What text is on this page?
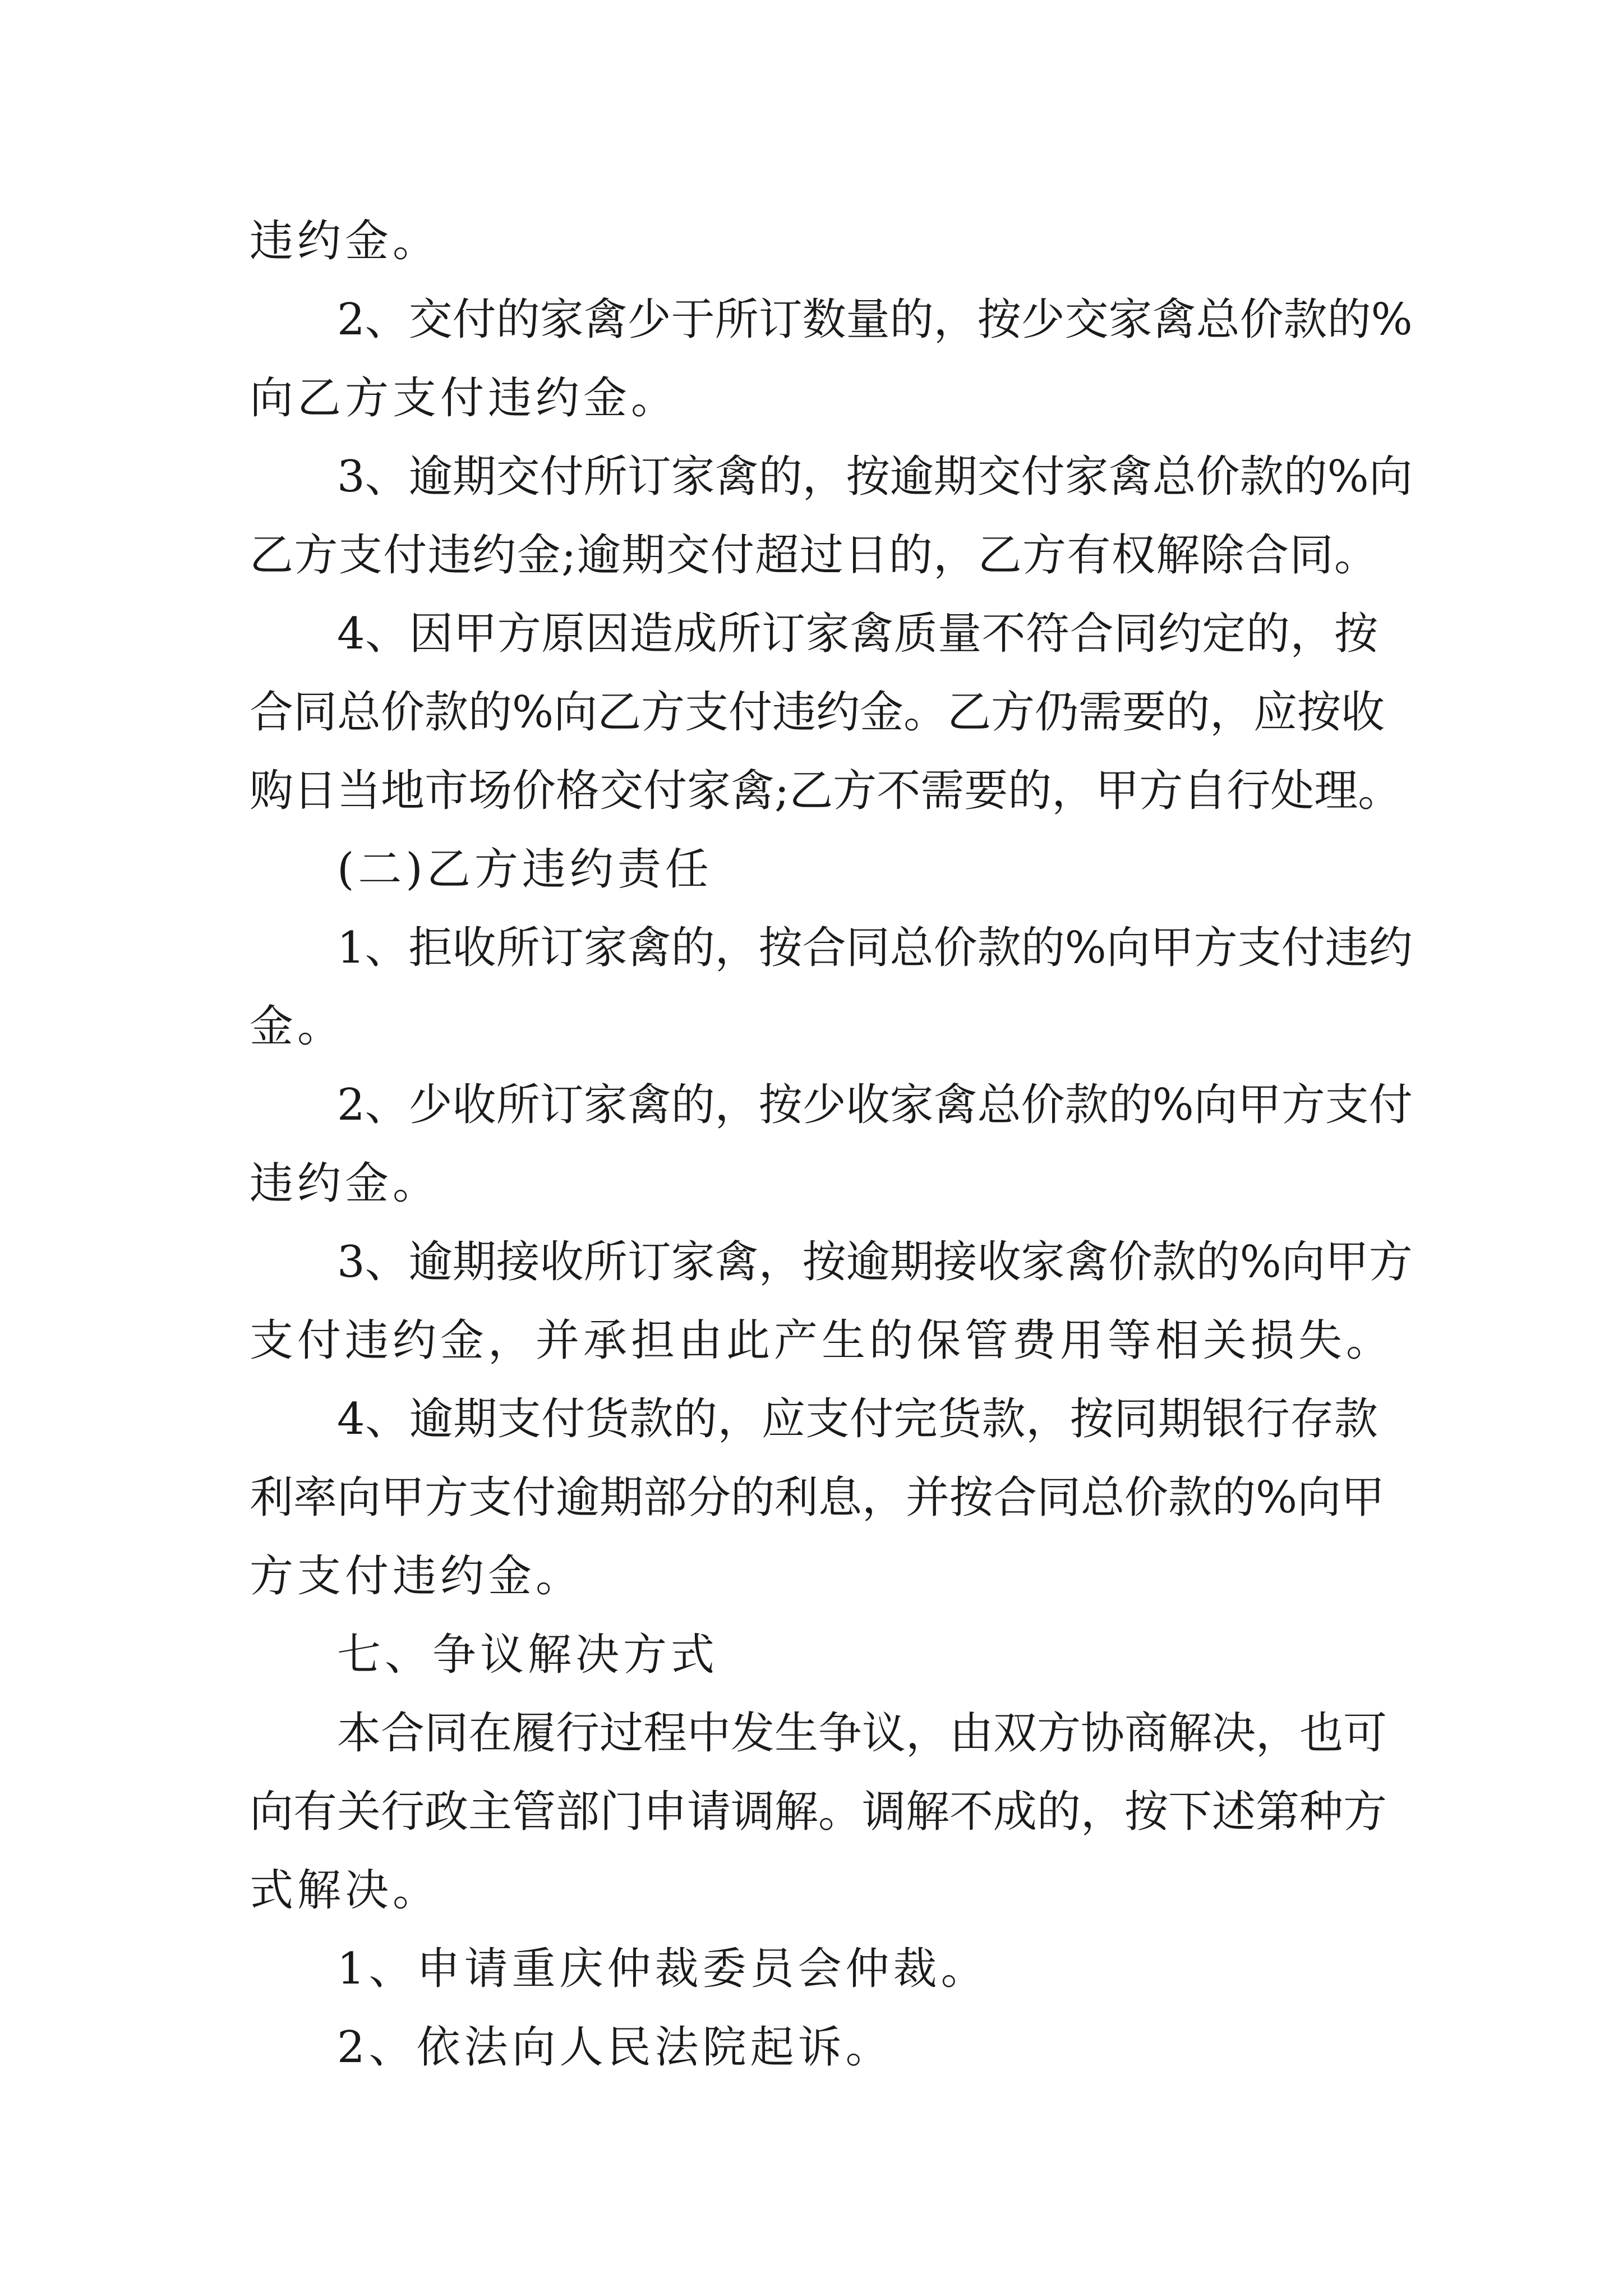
违约金。
2、交付的家禽少于所订数量的，按少交家禽总价款的%
向乙方支付违约金。
3、逾期交付所订家禽的，按逾期交付家禽总价款的%向
乙方支付违约金;逾期交付超过日的，乙方有权解除合同。
4、因甲方原因造成所订家禽质量不符合同约定的，按
合同总价款的%向乙方支付违约金。乙方仍需要的，应按收
购日当地市场价格交付家禽;乙方不需要的，甲方自行处理。
(二)乙方违约责任
1、拒收所订家禽的，按合同总价款的%向甲方支付违约
金。
2、少收所订家禽的，按少收家禽总价款的%向甲方支付
违约金。
3、逾期接收所订家禽，按逾期接收家禽价款的%向甲方
支付违约金，并承担由此产生的保管费用等相关损失。
4、逾期支付货款的，应支付完货款，按同期银行存款
利率向甲方支付逾期部分的利息，并按合同总价款的%向甲
方支付违约金。
七、争议解决方式
本合同在履行过程中发生争议，由双方协商解决，也可
向有关行政主管部门申请调解。调解不成的，按下述第种方
式解决。
1、申请重庆仲裁委员会仲裁。
2、依法向人民法院起诉。
